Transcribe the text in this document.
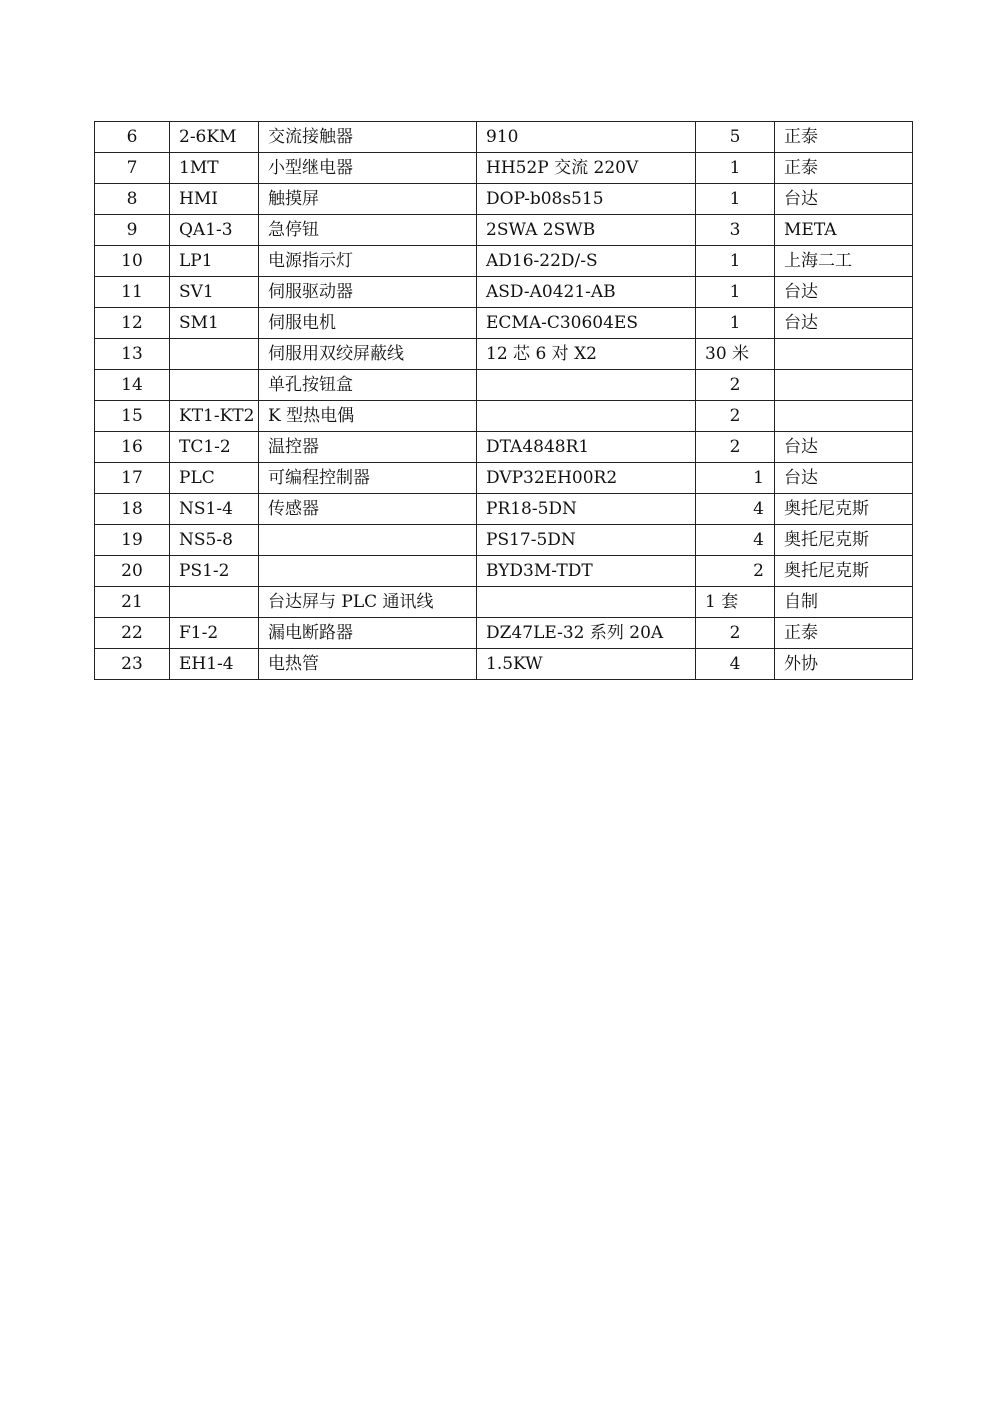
6	2-6KM	交流接触器	910	5	正泰
7	1MT	小型继电器	HH52P 交流 220V	1	正泰
8	HMI	触摸屏	DOP-b08s515	1	台达
9	QA1-3	急停钮	2SWA 2SWB	3	META
10	LP1	电源指示灯	AD16-22D/-S	1	上海二工
11	SV1	伺服驱动器	ASD-A0421-AB	1	台达
12	SM1	伺服电机	ECMA-C30604ES	1	台达
13		伺服用双绞屏蔽线	12 芯 6 对 X2	30 米	
14		单孔按钮盒		2	
15	KT1-KT2	K 型热电偶		2	
16	TC1-2	温控器	DTA4848R1	2	台达
17	PLC	可编程控制器	DVP32EH00R2	1	台达
18	NS1-4	传感器	PR18-5DN	4	奥托尼克斯
19	NS5-8		PS17-5DN	4	奥托尼克斯
20	PS1-2		BYD3M-TDT	2	奥托尼克斯
21		台达屏与 PLC 通讯线		1 套	自制
22	F1-2	漏电断路器	DZ47LE-32 系列 20A	2	正泰
23	EH1-4	电热管	1.5KW	4	外协
